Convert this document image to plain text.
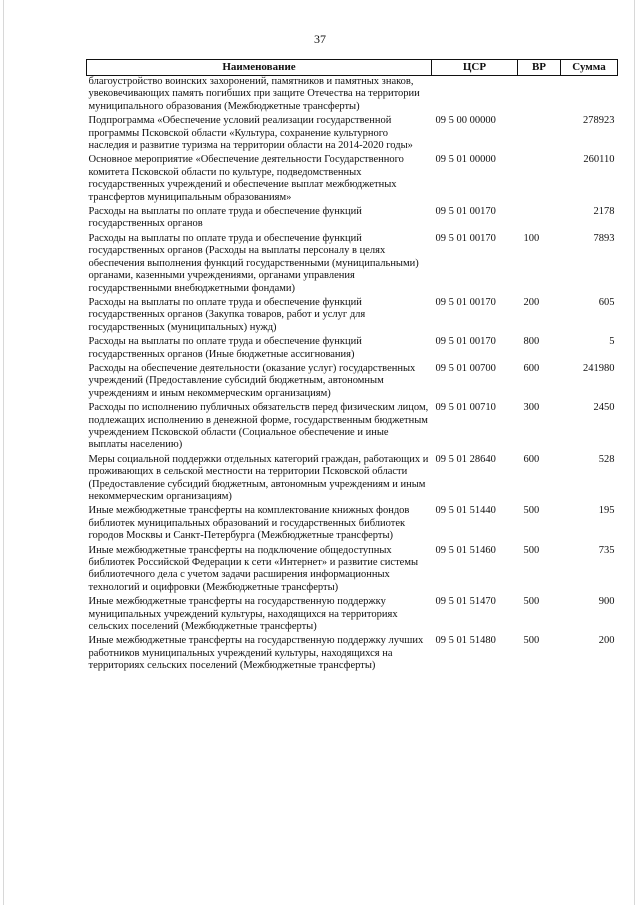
37
Наименование	ЦСР	ВР	Сумма
благоустройство воинских захоронений, памятников и памятных знаков, увековечивающих память погибших при защите Отечества на территории муниципального образования (Межбюджетные трансферты)			
Подпрограмма «Обеспечение условий реализации государственной программы Псковской области «Культура, сохранение культурного наследия и развитие туризма на территории области на 2014-2020 годы»	09 5 00 00000		278923
Основное мероприятие «Обеспечение деятельности Государственного комитета Псковской области по культуре, подведомственных государственных учреждений и обеспечение выплат межбюджетных трансфертов муниципальным образованиям»	09 5 01 00000		260110
Расходы на выплаты по оплате труда и обеспечение функций государственных органов	09 5 01 00170		2178
Расходы на выплаты по оплате труда и обеспечение функций государственных органов (Расходы на выплаты персоналу в целях обеспечения выполнения функций государственными (муниципальными) органами, казенными учреждениями, органами управления государственными внебюджетными фондами)	09 5 01 00170	100	7893
Расходы на выплаты по оплате труда и обеспечение функций государственных органов (Закупка товаров, работ и услуг для государственных (муниципальных) нужд)	09 5 01 00170	200	605
Расходы на выплаты по оплате труда и обеспечение функций государственных органов (Иные бюджетные ассигнования)	09 5 01 00170	800	5
Расходы на обеспечение деятельности (оказание услуг) государственных учреждений (Предоставление субсидий бюджетным, автономным учреждениям и иным некоммерческим организациям)	09 5 01 00700	600	241980
Расходы по исполнению публичных обязательств перед физическим лицом, подлежащих исполнению в денежной форме, государственным бюджетным учреждением Псковской области (Социальное обеспечение и иные выплаты населению)	09 5 01 00710	300	2450
Меры социальной поддержки отдельных категорий граждан, работающих и проживающих в сельской местности на территории Псковской области (Предоставление субсидий бюджетным, автономным учреждениям и иным некоммерческим организациям)	09 5 01 28640	600	528
Иные межбюджетные трансферты на комплектование книжных фондов библиотек муниципальных образований и государственных библиотек городов Москвы и Санкт-Петербурга (Межбюджетные трансферты)	09 5 01 51440	500	195
Иные межбюджетные трансферты на подключение общедоступных библиотек Российской Федерации к сети «Интернет» и развитие системы библиотечного дела с учетом задачи расширения информационных технологий и оцифровки (Межбюджетные трансферты)	09 5 01 51460	500	735
Иные межбюджетные трансферты на государственную поддержку муниципальных учреждений культуры, находящихся на территориях сельских поселений (Межбюджетные трансферты)	09 5 01 51470	500	900
Иные межбюджетные трансферты на государственную поддержку лучших работников муниципальных учреждений культуры, находящихся на территориях сельских поселений (Межбюджетные трансферты)	09 5 01 51480	500	200
